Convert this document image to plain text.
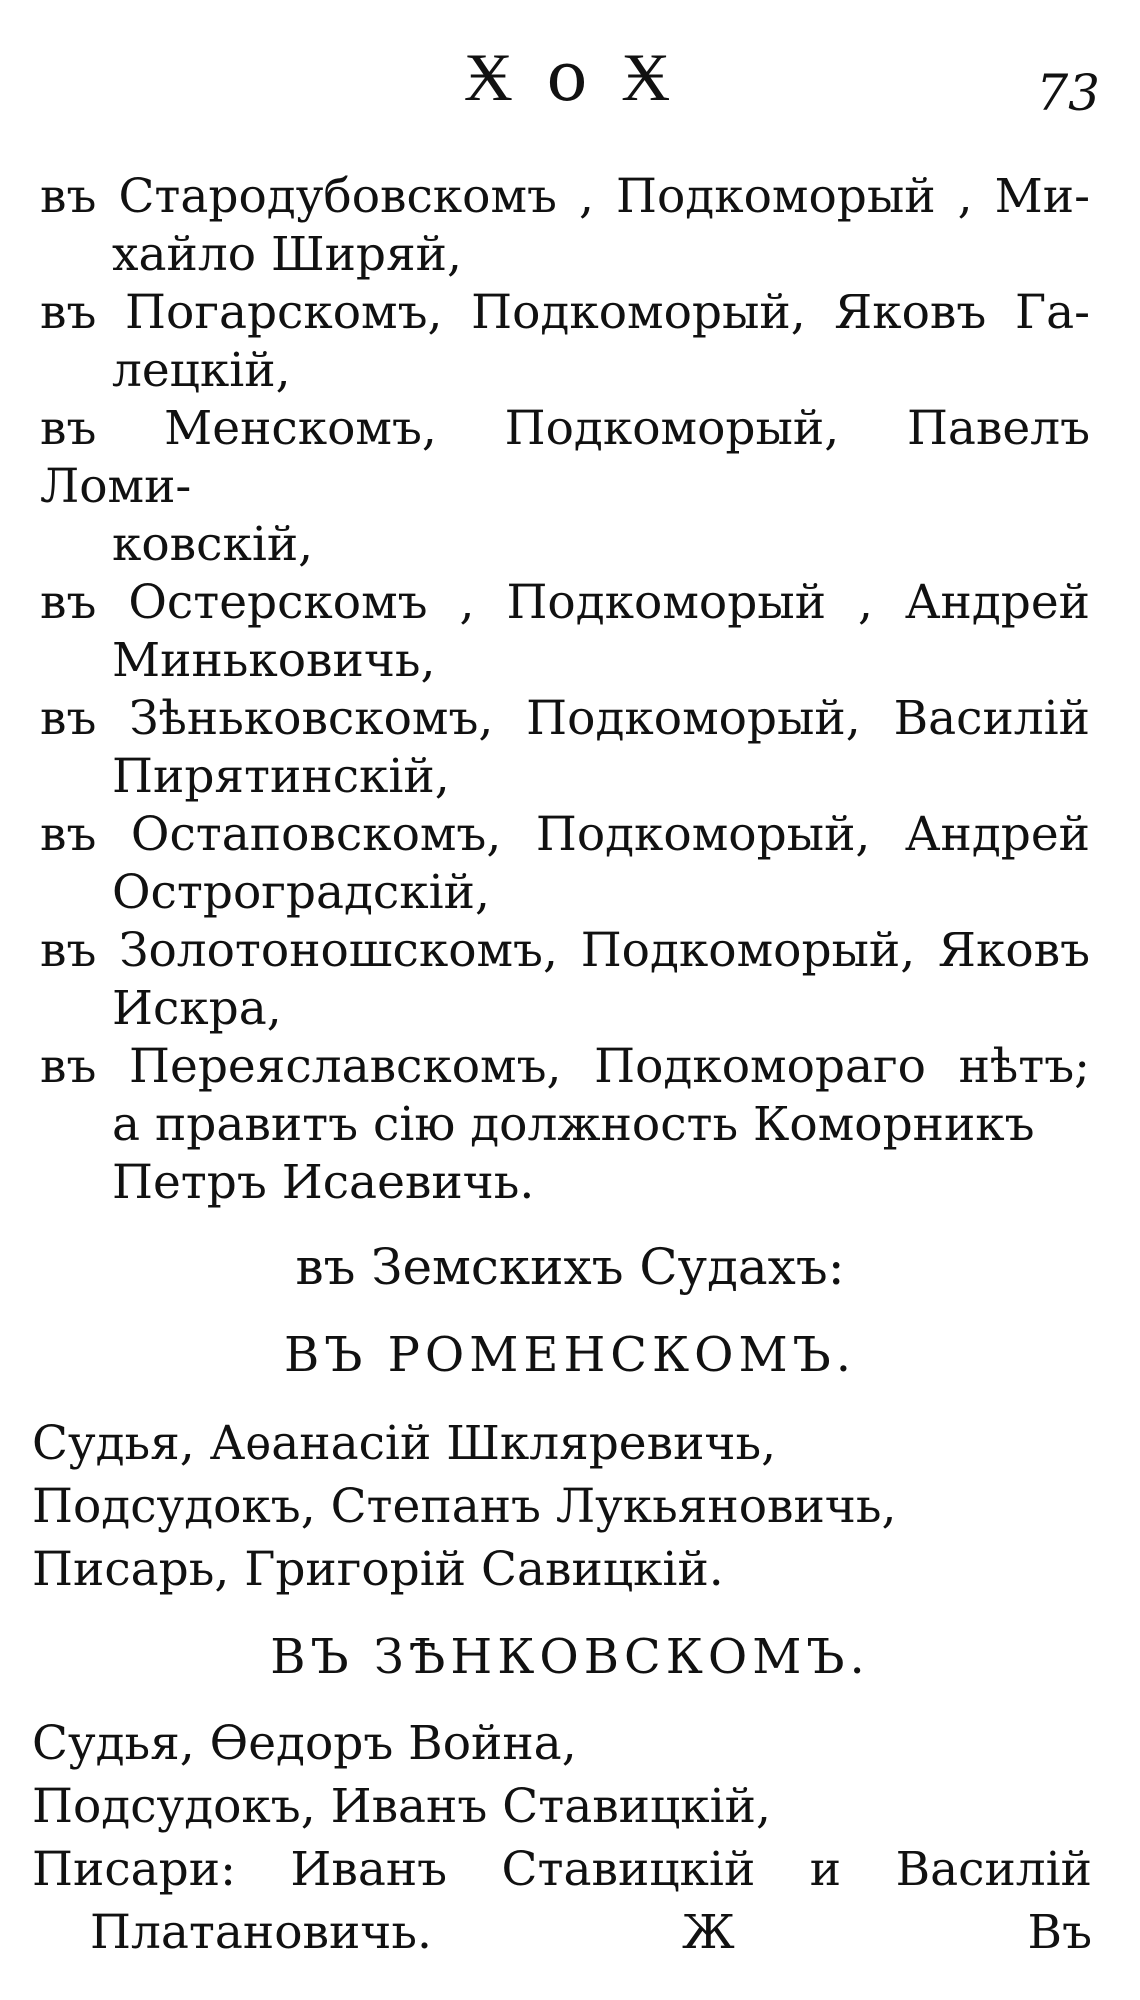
Ӿ о Ӿ	73

въ Стародубовскомъ , Подкоморый , Ми-
хайло Ширяй,

въ Погарскомъ, Подкоморый, Яковъ Га-
лецкій,

въ Менскомъ, Подкоморый, Павелъ Ломи-
ковскій,

въ Остерскомъ , Подкоморый , Андрей
Миньковичь,

въ Зѣньковскомъ, Подкоморый, Василій
Пирятинскій,

въ Остаповскомъ, Подкоморый, Андрей
Остроградскій,

въ Золотоношскомъ, Подкоморый, Яковъ
Искра,

въ Переяславскомъ, Подкомораго нѣтъ;
а правитъ сію должность Коморникъ
Петръ Исаевичь.

въ Земскихъ Судахъ:
ВЪ РОМЕНСКОМЪ.
Судья, Аѳанасій Шкляревичь,
Подсудокъ, Степанъ Лукьяновичь,
Писарь, Григорій Савицкій.
ВЪ ЗѢНКОВСКОМЪ.
Судья, Ѳедоръ Война,
Подсудокъ, Иванъ Ставицкій,
Писари: Иванъ Ставицкій и Василій
Платановичь.	Ж	Въ
